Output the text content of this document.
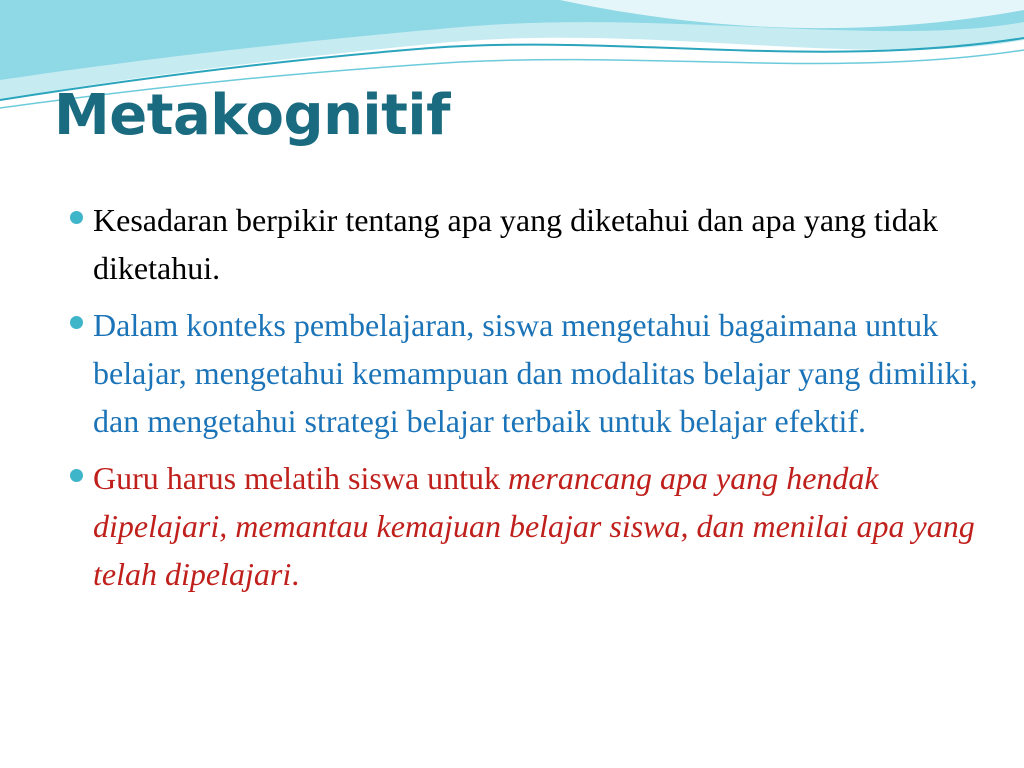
Metakognitif
Kesadaran berpikir tentang apa yang diketahui dan apa yang tidak diketahui.
Dalam konteks pembelajaran, siswa mengetahui bagaimana untuk belajar, mengetahui kemampuan dan modalitas belajar yang dimiliki, dan mengetahui strategi belajar terbaik untuk belajar efektif.
Guru harus melatih siswa untuk merancang apa yang hendak dipelajari, memantau kemajuan belajar siswa, dan menilai apa yang telah dipelajari.
